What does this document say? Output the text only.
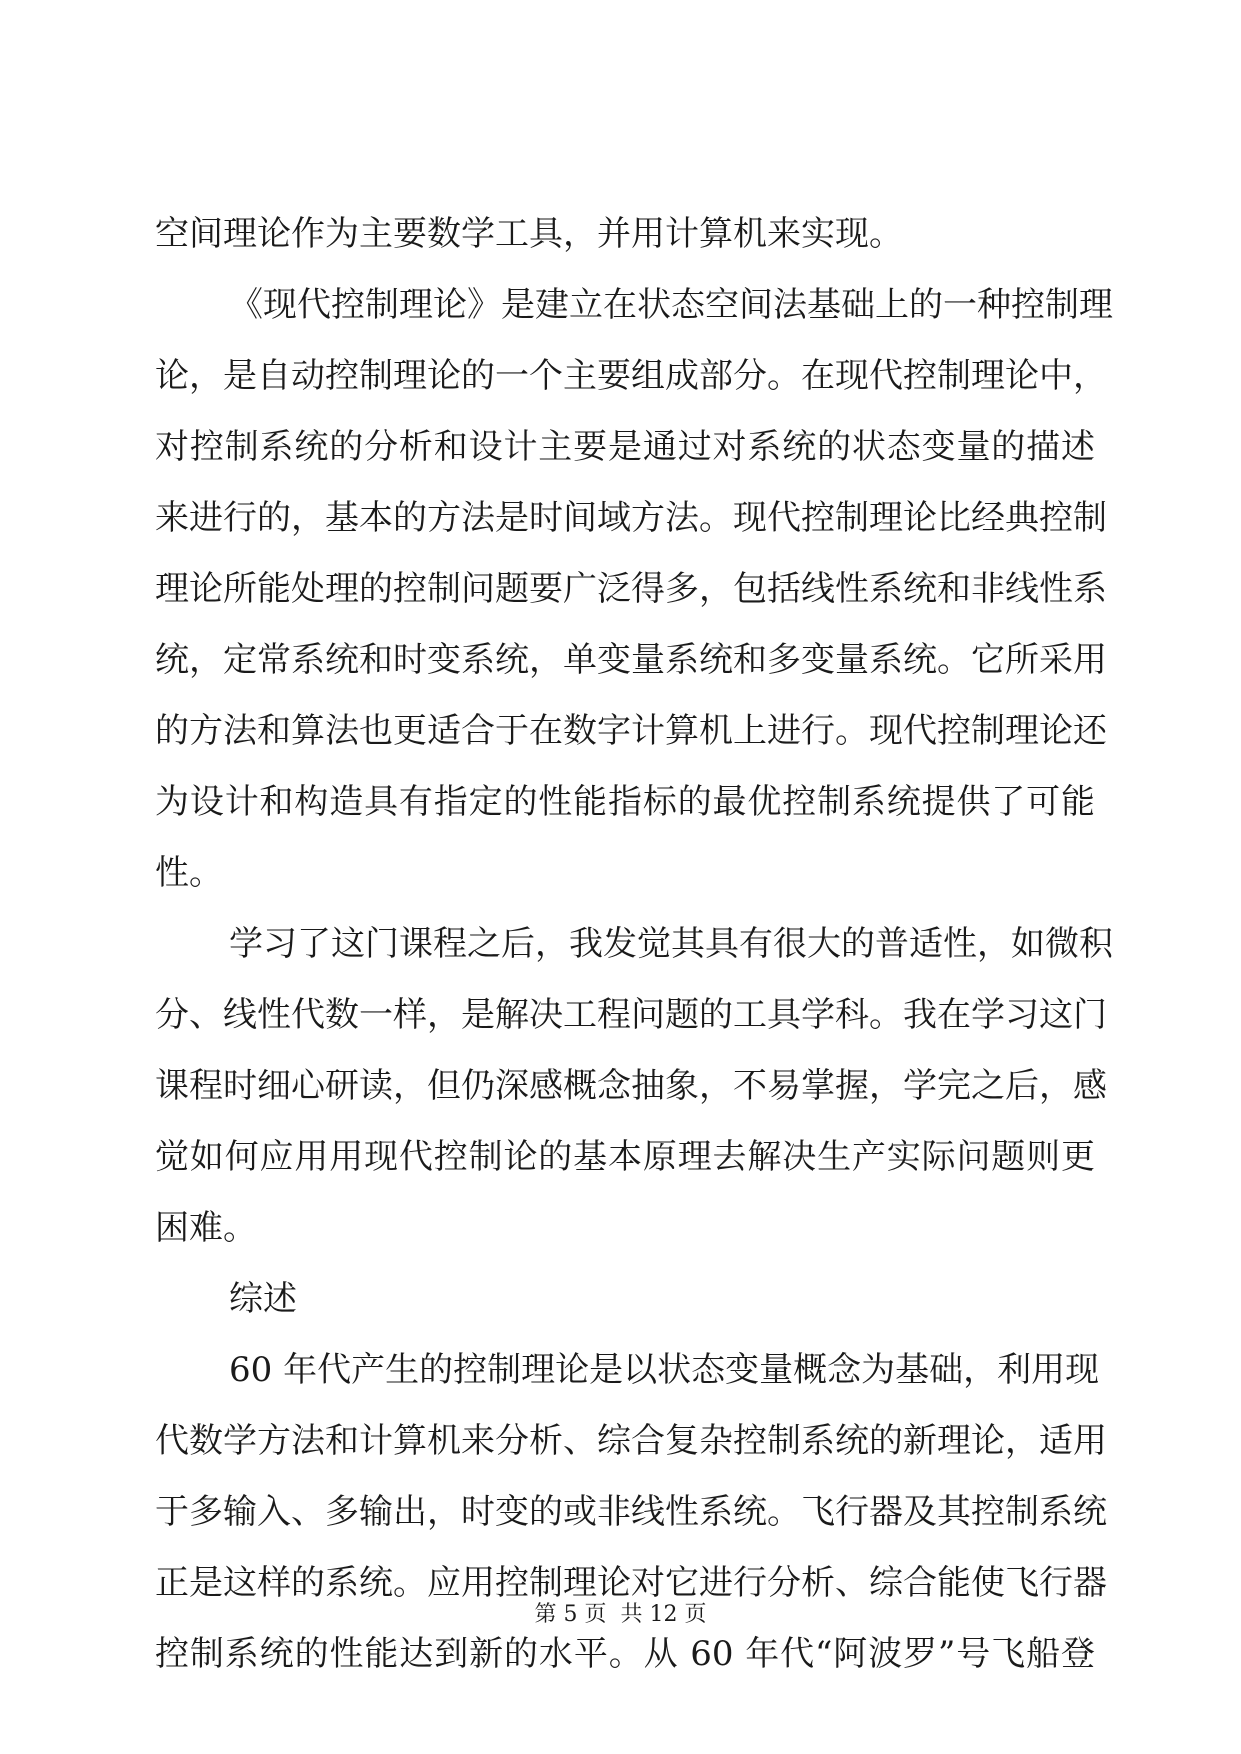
空间理论作为主要数学工具，并用计算机来实现。
《现代控制理论》是建立在状态空间法基础上的一种控制理
论，是自动控制理论的一个主要组成部分。在现代控制理论中，
对控制系统的分析和设计主要是通过对系统的状态变量的描述
来进行的，基本的方法是时间域方法。现代控制理论比经典控制
理论所能处理的控制问题要广泛得多，包括线性系统和非线性系
统，定常系统和时变系统，单变量系统和多变量系统。它所采用
的方法和算法也更适合于在数字计算机上进行。现代控制理论还
为设计和构造具有指定的性能指标的最优控制系统提供了可能
性。
学习了这门课程之后，我发觉其具有很大的普适性，如微积
分、线性代数一样，是解决工程问题的工具学科。我在学习这门
课程时细心研读，但仍深感概念抽象，不易掌握，学完之后，感
觉如何应用用现代控制论的基本原理去解决生产实际问题则更
困难。
综述
60 年代产生的控制理论是以状态变量概念为基础，利用现
代数学方法和计算机来分析、综合复杂控制系统的新理论，适用
于多输入、多输出，时变的或非线性系统。飞行器及其控制系统
正是这样的系统。应用控制理论对它进行分析、综合能使飞行器
控制系统的性能达到新的水平。从 60 年代“阿波罗”号飞船登
第 5 页  共 12 页
